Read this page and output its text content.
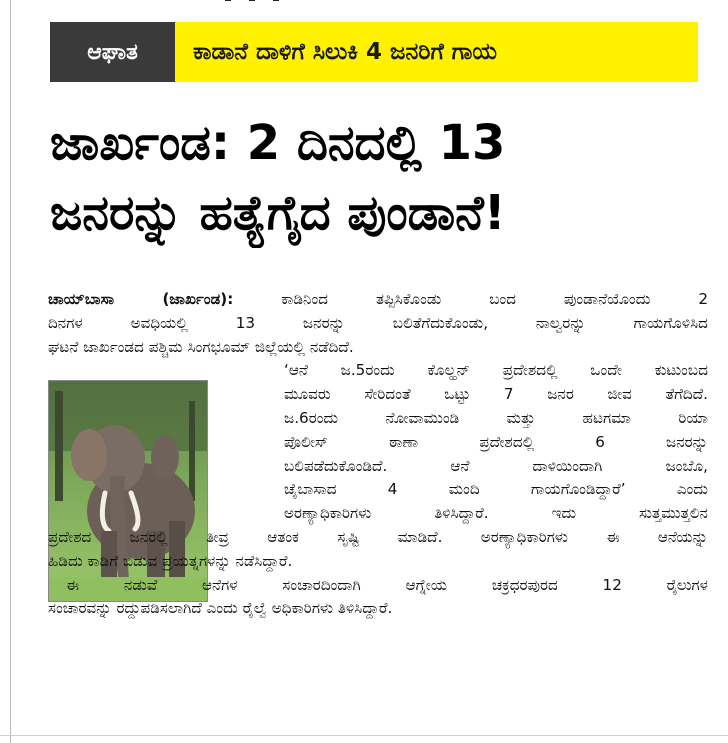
ಆಘಾತ	ಕಾಡಾನೆ ದಾಳಿಗೆ ಸಿಲುಕಿ 4 ಜನರಿಗೆ ಗಾಯ
ಜಾರ್ಖಂಡ: 2 ದಿನದಲ್ಲಿ 13
ಜನರನ್ನು ಹತ್ಯೆಗೈದ ಪುಂಡಾನೆ!
ಚಾಯ್‌ಬಾಸಾ (ಜಾರ್ಖಂಡ):	ಕಾಡಿನಿಂದ ತಪ್ಪಿಸಿಕೊಂಡು ಬಂದ ಪುಂಡಾನೆಯೊಂದು 2
ದಿನಗಳ ಅವಧಿಯಲ್ಲಿ 13 ಜನರನ್ನು ಬಲಿತೆಗೆದುಕೊಂಡು, ನಾಲ್ವರನ್ನು ಗಾಯಗೊಳಿಸಿದ
ಘಟನೆ ಜಾರ್ಖಂಡದ ಪಶ್ಚಿಮ ಸಿಂಗಭೂಮ್ ಜಿಲ್ಲೆಯಲ್ಲಿ ನಡೆದಿದೆ.
‘ಆನೆ ಜ.5ರಂದು ಕೊಲ್ಹನ್ ಪ್ರದೇಶದಲ್ಲಿ ಒಂದೇ ಕುಟುಂಬದ
ಮೂವರು ಸೇರಿದಂತೆ ಒಟ್ಟು 7 ಜನರ ಜೀವ ತೆಗೆದಿದೆ.
ಜ.6ರಂದು ನೋವಾಮುಂಡಿ ಮತ್ತು ಹಟಗಮಾ ರಿಯಾ
ಪೊಲೀಸ್ ಠಾಣಾ ಪ್ರದೇಶದಲ್ಲಿ 6 ಜನರನ್ನು
ಬಲಿಪಡೆದುಕೊಂಡಿದೆ. ಆನೆ ದಾಳಿಯಿಂದಾಗಿ ಜಂಬೊ,
ಚೈಬಾಸಾದ 4 ಮಂದಿ ಗಾಯಗೊಂಡಿದ್ದಾರೆ’ ಎಂದು
ಅರಣ್ಯಾಧಿಕಾರಿಗಳು ತಿಳಿಸಿದ್ದಾರೆ. ಇದು ಸುತ್ತಮುತ್ತಲಿನ
ಪ್ರದೇಶದ ಜನರಲ್ಲಿ ತೀವ್ರ ಆತಂಕ ಸೃಷ್ಟಿ ಮಾಡಿದೆ. ಅರಣ್ಯಾಧಿಕಾರಿಗಳು ಈ ಆನೆಯನ್ನು
ಹಿಡಿದು ಕಾಡಿಗೆ ಬಿಡುವ ಪ್ರಯತ್ನಗಳನ್ನು ನಡೆಸಿದ್ದಾರೆ.
ಈ ನಡುವೆ ಆನೆಗಳ ಸಂಚಾರದಿಂದಾಗಿ ಆಗ್ನೇಯ ಚಕ್ರಧರಪುರದ 12 ರೈಲುಗಳ
ಸಂಚಾರವನ್ನು ರದ್ದುಪಡಿಸಲಾಗಿದೆ ಎಂದು ರೈಲ್ವೆ ಅಧಿಕಾರಿಗಳು ತಿಳಿಸಿದ್ದಾರೆ.
